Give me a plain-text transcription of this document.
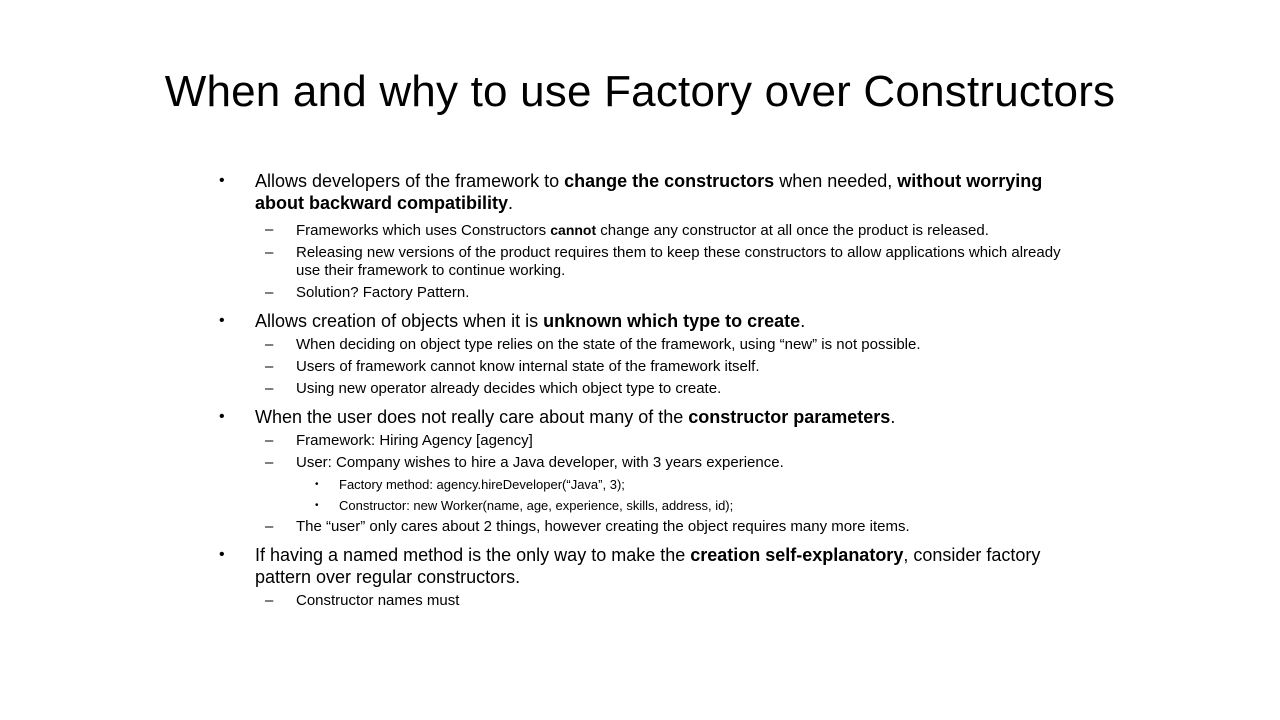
When and why to use Factory over Constructors
• Allows developers of the framework to change the constructors when needed, without worrying about backward compatibility.
– Frameworks which uses Constructors cannot change any constructor at all once the product is released.
– Releasing new versions of the product requires them to keep these constructors to allow applications which already use their framework to continue working.
– Solution? Factory Pattern.
• Allows creation of objects when it is unknown which type to create.
– When deciding on object type relies on the state of the framework, using “new” is not possible.
– Users of framework cannot know internal state of the framework itself.
– Using new operator already decides which object type to create.
• When the user does not really care about many of the constructor parameters.
– Framework: Hiring Agency [agency]
– User: Company wishes to hire a Java developer, with 3 years experience.
• Factory method: agency.hireDeveloper(“Java”, 3);
• Constructor: new Worker(name, age, experience, skills, address, id);
– The “user” only cares about 2 things, however creating the object requires many more items.
• If having a named method is the only way to make the creation self-explanatory, consider factory pattern over regular constructors.
– Constructor names must
